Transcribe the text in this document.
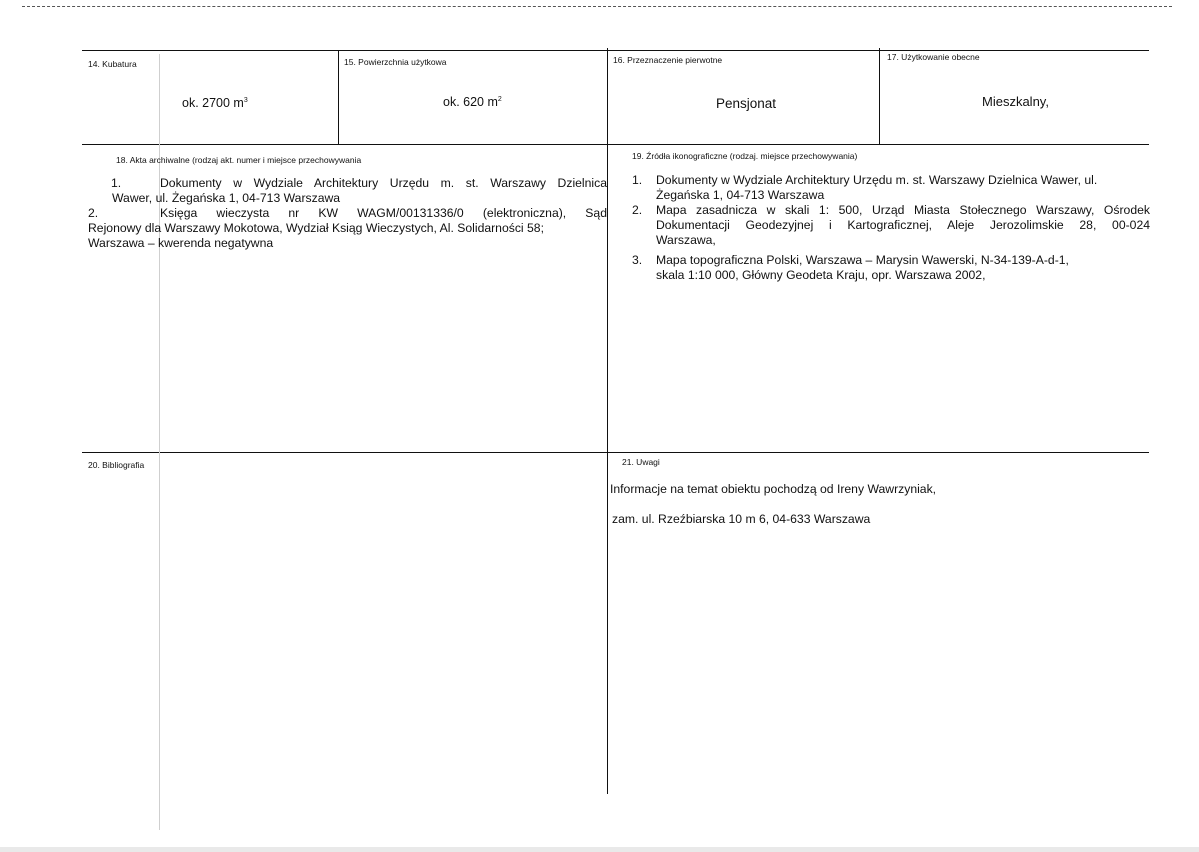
14. Kubatura
ok. 2700 $m^3$
15. Powierzchnia użytkowa
ok. 620 $m^2$
16. Przeznaczenie pierwotne
Pensjonat
17. Użytkowanie obecne
Mieszkalny,
18. Akta archiwalne (rodzaj akt. numer i miejsce przechowywania
1.	Dokumenty w Wydziale Architektury Urzędu m. st. Warszawy Dzielnica
Wawer, ul. Żegańska 1, 04-713 Warszawa
2.	Księga wieczysta nr KW WAGM/00131336/0 (elektroniczna), Sąd
Rejonowy dla Warszawy Mokotowa, Wydział Ksiąg Wieczystych, Al. Solidarności 58;
Warszawa – kwerenda negatywna
19. Źródła ikonograficzne (rodzaj. miejsce przechowywania)
1. Dokumenty w Wydziale Architektury Urzędu m. st. Warszawy Dzielnica Wawer, ul.
Żegańska 1, 04-713 Warszawa
2. Mapa zasadnicza w skali 1: 500, Urząd Miasta Stołecznego Warszawy, Ośrodek
Dokumentacji Geodezyjnej i Kartograficznej, Aleje Jerozolimskie 28, 00-024
Warszawa,
3. Mapa topograficzna Polski, Warszawa – Marysin Wawerski, N-34-139-A-d-1,
skala 1:10 000, Główny Geodeta Kraju, opr. Warszawa 2002,
20. Bibliografia	21. Uwagi
Informacje na temat obiektu pochodzą od Ireny Wawrzyniak,
zam. ul. Rzeźbiarska 10 m 6, 04-633 Warszawa
